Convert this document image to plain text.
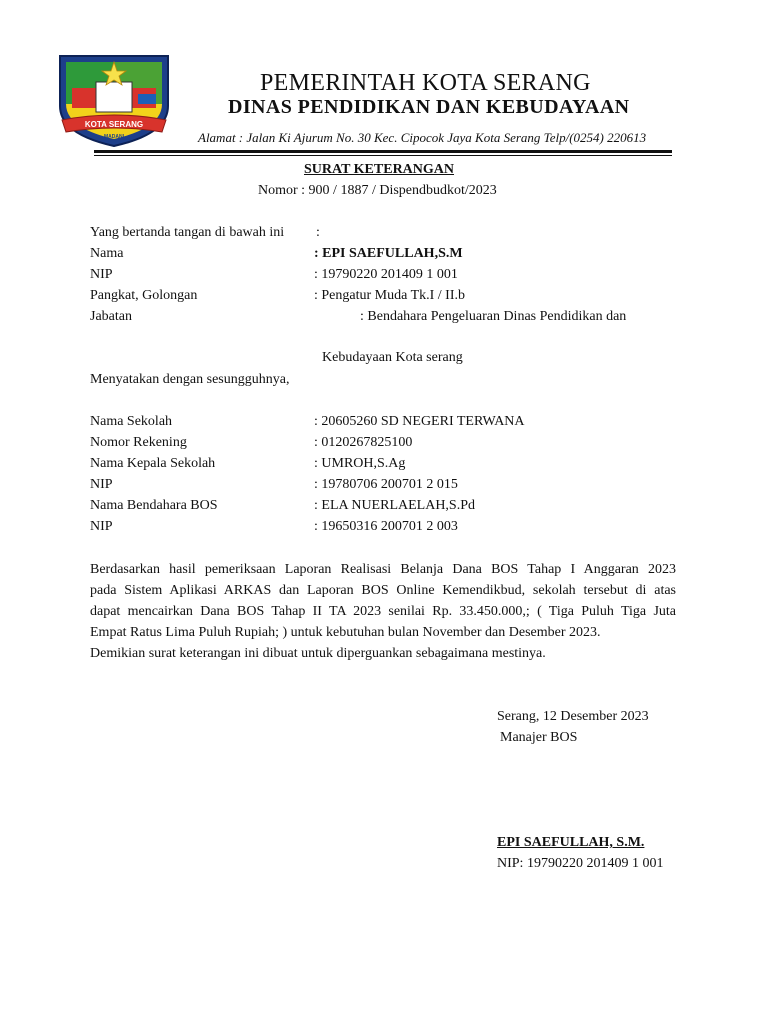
KOTA SERANG
MADANI
PEMERINTAH KOTA SERANG
DINAS PENDIDIKAN DAN KEBUDAYAAN
Alamat : Jalan Ki Ajurum No. 30 Kec. Cipocok Jaya Kota Serang Telp/(0254) 220613
SURAT KETERANGAN
Nomor : 900 / 1887 / Dispendbudkot/2023
Yang bertanda tangan di bawah ini :
Nama	: EPI SAEFULLAH,S.M
NIP	: 19790220 201409 1 001
Pangkat, Golongan	: Pengatur Muda Tk.I / II.b
Jabatan	: Bendahara Pengeluaran Dinas Pendidikan dan
Kebudayaan Kota serang
Menyatakan dengan sesungguhnya,
Nama Sekolah	: 20605260 SD NEGERI TERWANA
Nomor Rekening	: 0120267825100
Nama Kepala Sekolah	: UMROH,S.Ag
NIP	: 19780706 200701 2 015
Nama Bendahara BOS	: ELA NUERLAELAH,S.Pd
NIP	: 19650316 200701 2 003

Berdasarkan hasil pemeriksaan Laporan Realisasi Belanja Dana BOS Tahap I Anggaran 2023

pada Sistem Aplikasi ARKAS dan Laporan BOS Online Kemendikbud, sekolah tersebut di atas

dapat mencairkan Dana BOS Tahap II TA 2023 senilai Rp. 33.450.000,; ( Tiga Puluh Tiga Juta

Empat Ratus Lima Puluh Rupiah; ) untuk kebutuhan bulan November dan Desember 2023.

Demikian surat keterangan ini dibuat untuk diperguankan sebagaimana mestinya.

Serang, 12 Desember 2023
Manajer BOS
EPI SAEFULLAH, S.M.
NIP: 19790220 201409 1 001
